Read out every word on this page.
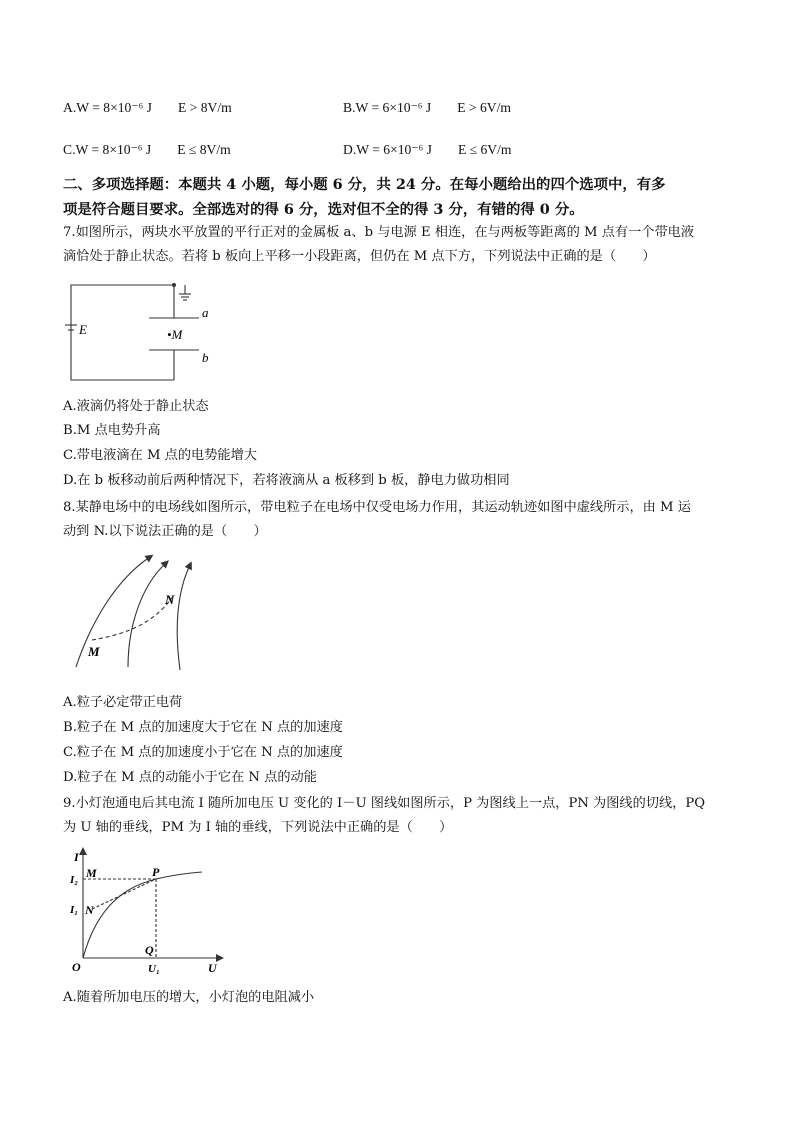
A.W = 8×10⁻⁶ J E > 8V/m	B.W = 6×10⁻⁶ J E > 6V/m
C.W = 8×10⁻⁶ J E ≤ 8V/m	D.W = 6×10⁻⁶ J E ≤ 6V/m
二、多项选择题：本题共 4 小题，每小题 6 分，共 24 分。在每小题给出的四个选项中，有多
项是符合题目要求。全部选对的得 6 分，选对但不全的得 3 分，有错的得 0 分。
7.如图所示，两块水平放置的平行正对的金属板 a、b 与电源 E 相连，在与两板等距离的 M 点有一个带电液
滴恰处于静止状态。若将 b 板向上平移一小段距离，但仍在 M 点下方，下列说法中正确的是（　　）
E
a
b
•M
A.液滴仍将处于静止状态
B.M 点电势升高
C.带电液滴在 M 点的电势能增大
D.在 b 板移动前后两种情况下，若将液滴从 a 板移到 b 板，静电力做功相同
8.某静电场中的电场线如图所示，带电粒子在电场中仅受电场力作用，其运动轨迹如图中虚线所示，由 M 运
动到 N.以下说法正确的是（　　）
M
N
A.粒子必定带正电荷
B.粒子在 M 点的加速度大于它在 N 点的加速度
C.粒子在 M 点的加速度小于它在 N 点的加速度
D.粒子在 M 点的动能小于它在 N 点的动能
9.小灯泡通电后其电流 I 随所加电压 U 变化的 I－U 图线如图所示，P 为图线上一点，PN 为图线的切线，PQ
为 U 轴的垂线，PM 为 I 轴的垂线，下列说法中正确的是（　　）
I
U
O
I₂
I₁
U₁
M
N
P
Q
A.随着所加电压的增大，小灯泡的电阻减小
